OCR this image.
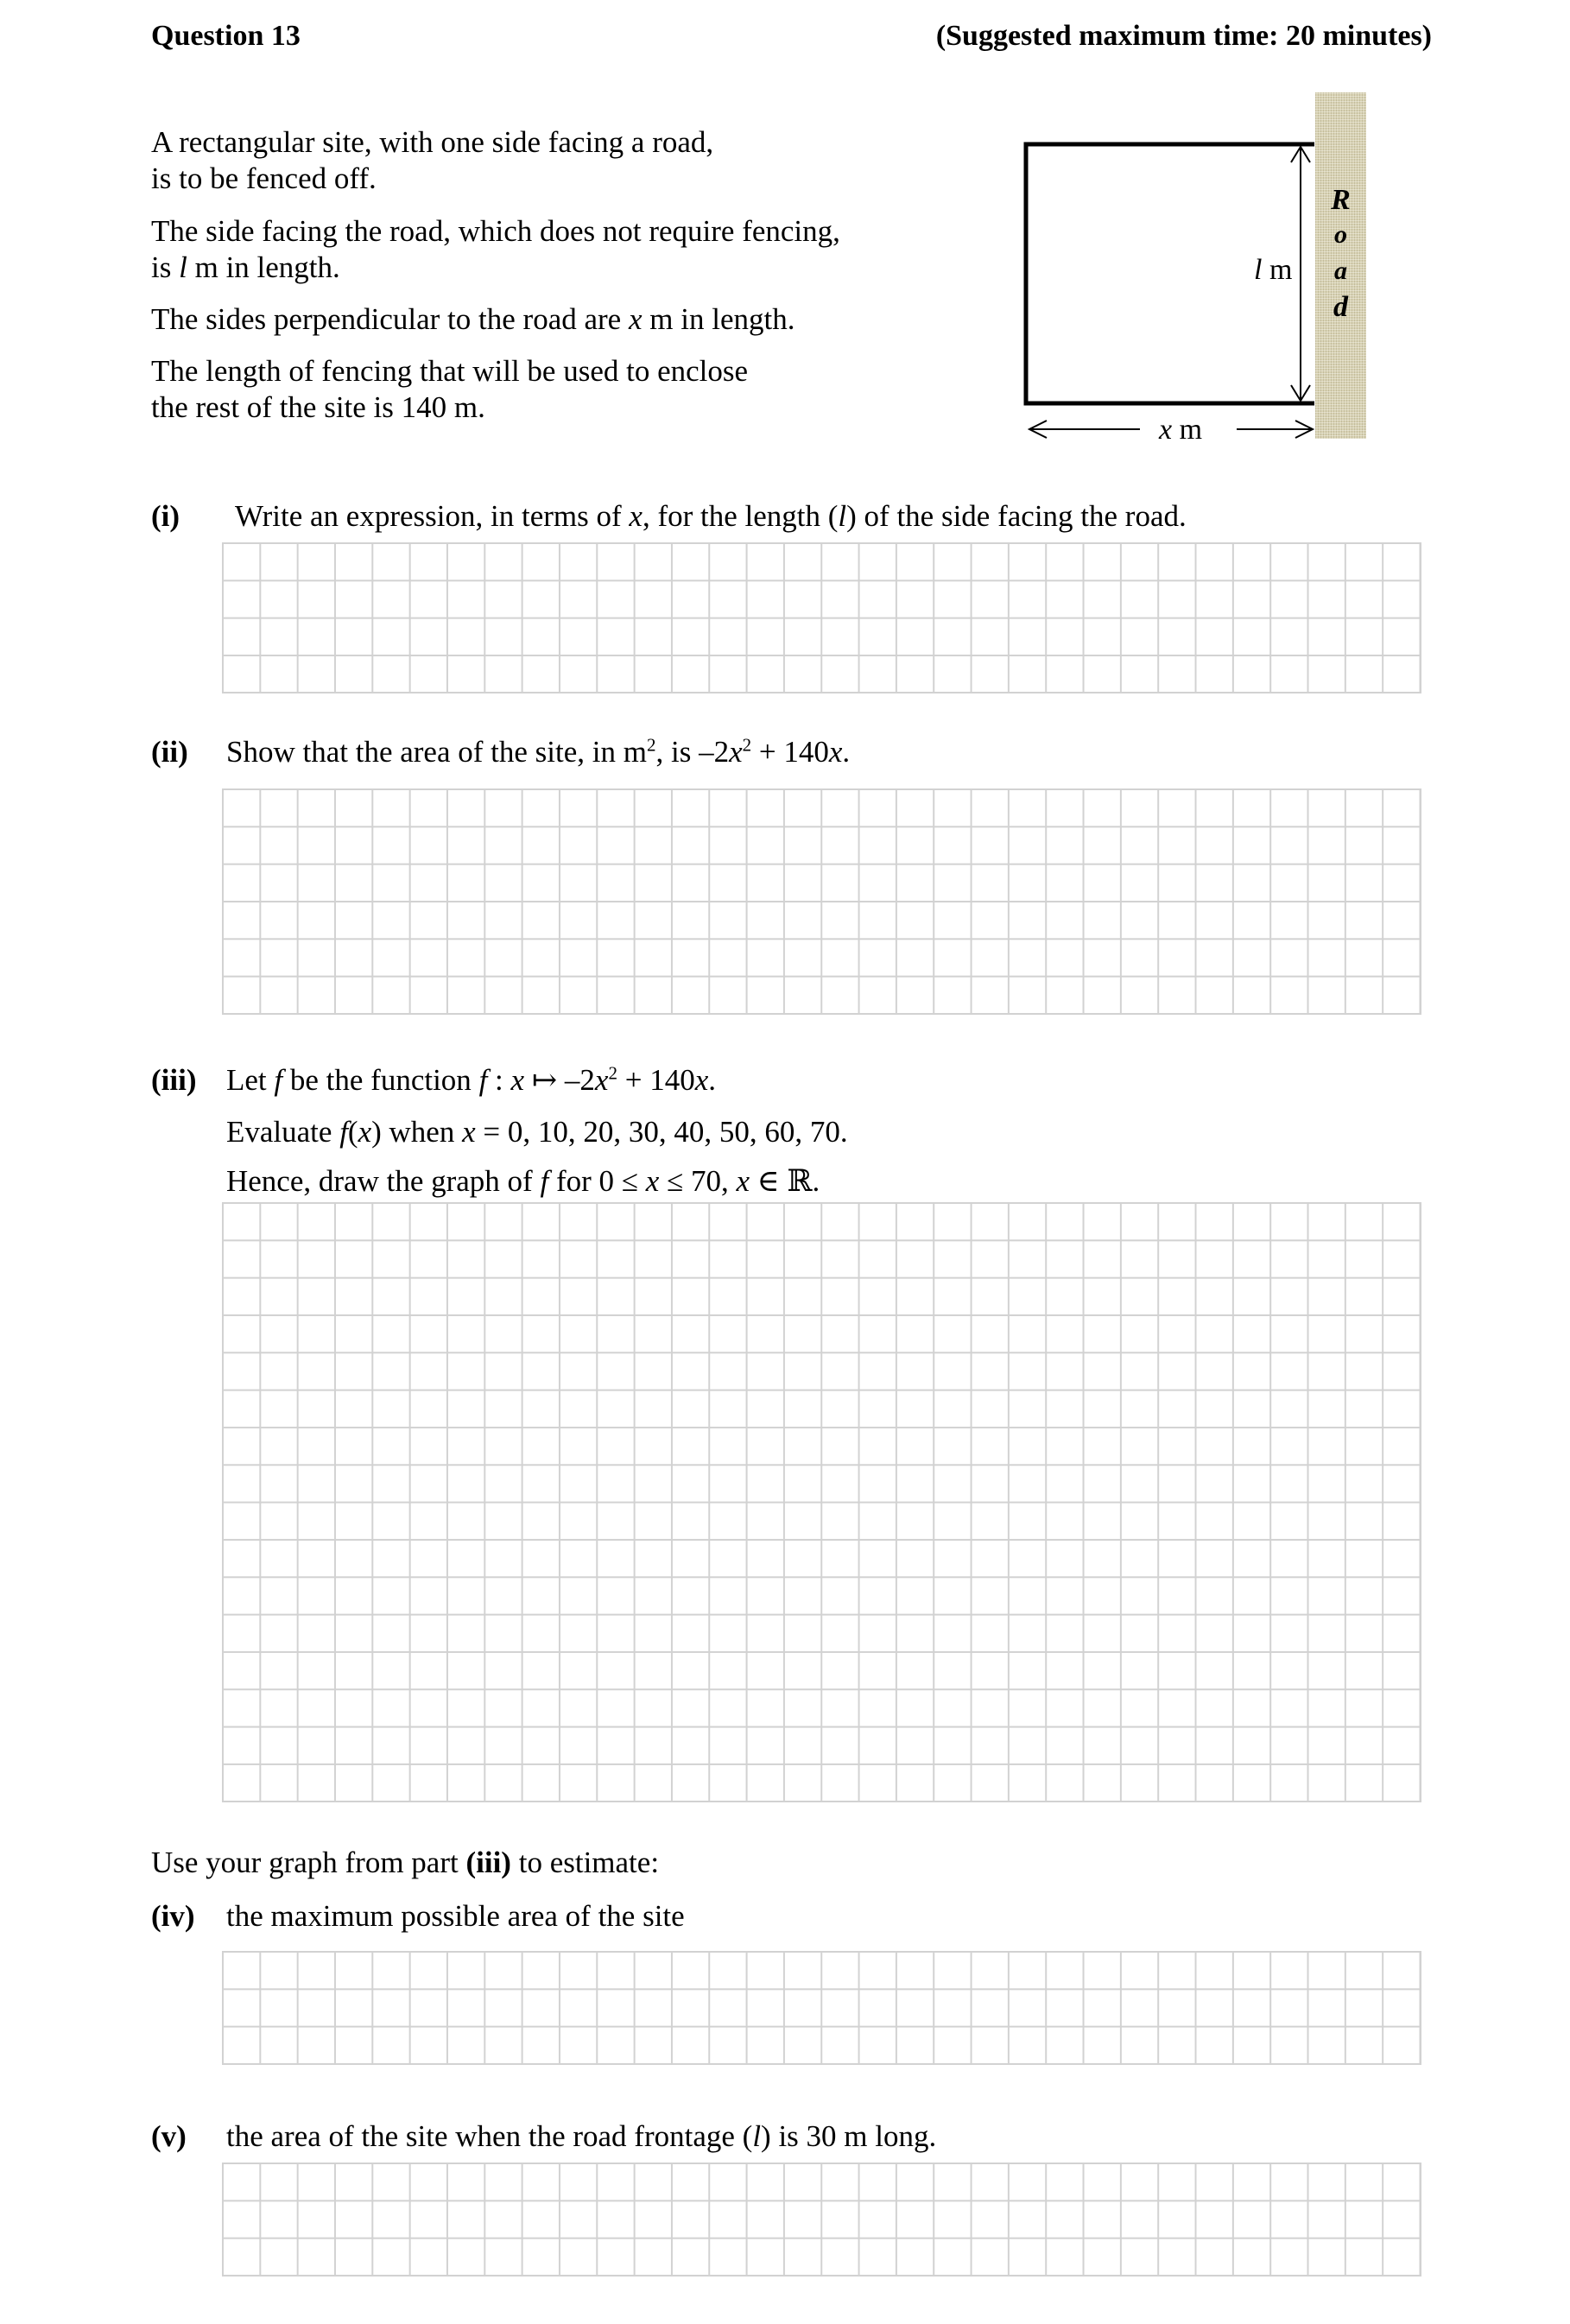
Question 13	(Suggested maximum time: 20 minutes)
A rectangular site, with one side facing a road,
is to be fenced off.
The side facing the road, which does not require fencing,
is l m in length.
The sides perpendicular to the road are x m in length.
The length of fencing that will be used to enclose
the rest of the site is 140 m.
R
o
a
d
l m
x m
(i) Write an expression, in terms of x, for the length (l) of the side facing the road.
(ii) Show that the area of the site, in $m^2$, is $-2x^2 + 140x$.
(iii) Let f be the function f : x ↦ $-2x^2 + 140x$.
Evaluate f(x) when x = 0, 10, 20, 30, 40, 50, 60, 70.
Hence, draw the graph of f for 0 ≤ x ≤ 70, x ∈ ℝ.
Use your graph from part (iii) to estimate:
(iv) the maximum possible area of the site
(v) the area of the site when the road frontage (l) is 30 m long.
